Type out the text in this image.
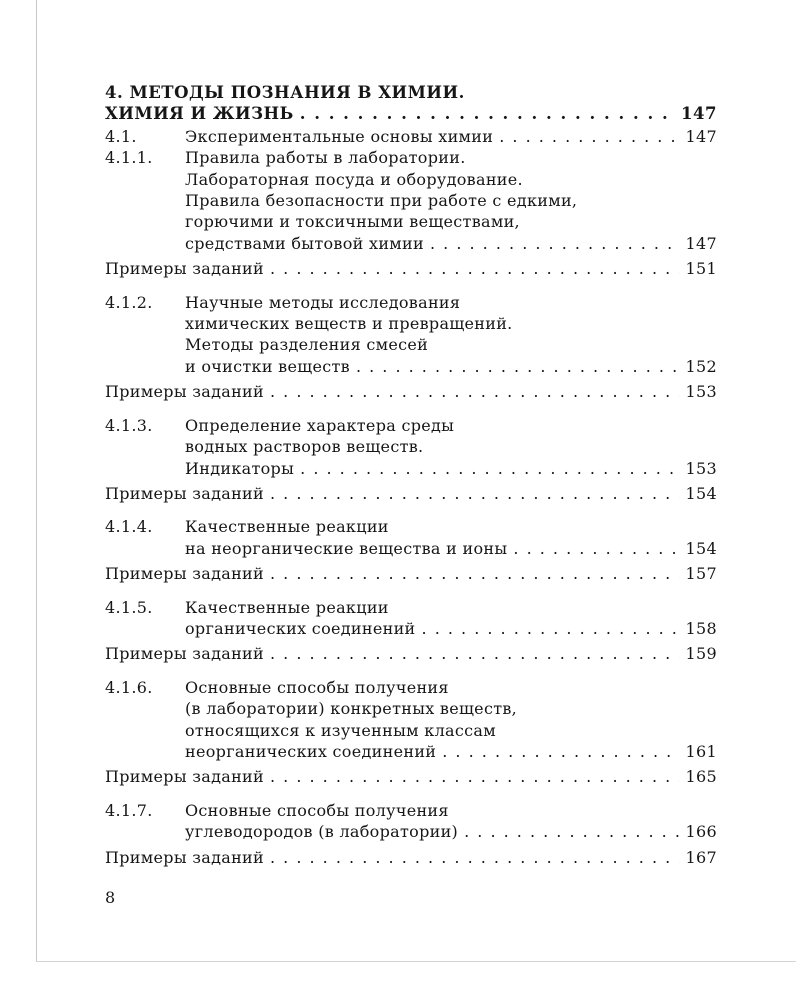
4. МЕТОДЫ ПОЗНАНИЯ В ХИМИИ.
ХИМИЯ И ЖИЗНЬ . . .	147
4.1.	Экспериментальные основы химии . . .	147
4.1.1.	Правила работы в лаборатории.
Лабораторная посуда и оборудование.
Правила безопасности при работе с едкими,
горючими и токсичными веществами,
средствами бытовой химии . . .	147
Примеры заданий . . .	151
4.1.2.	Научные методы исследования
химических веществ и превращений.
Методы разделения смесей
и очистки веществ . . .	152
Примеры заданий . . .	153
4.1.3.	Определение характера среды
водных растворов веществ.
Индикаторы . . .	153
Примеры заданий . . .	154
4.1.4.	Качественные реакции
на неорганические вещества и ионы . . .	154
Примеры заданий . . .	157
4.1.5.	Качественные реакции
органических соединений . . .	158
Примеры заданий . . .	159
4.1.6.	Основные способы получения
(в лаборатории) конкретных веществ,
относящихся к изученным классам
неорганических соединений . . .	161
Примеры заданий . . .	165
4.1.7.	Основные способы получения
углеводородов (в лаборатории) . . .	166
Примеры заданий . . .	167
8
